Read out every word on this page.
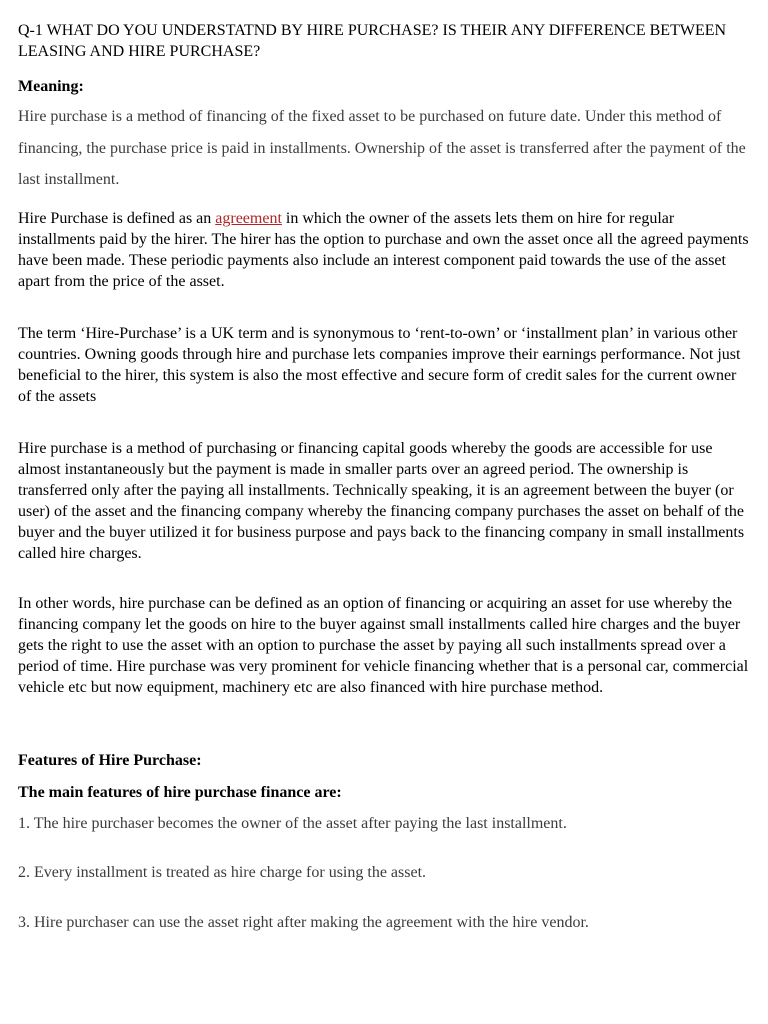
Q-1 WHAT DO YOU UNDERSTATND BY HIRE PURCHASE? IS THEIR ANY DIFFERENCE BETWEEN LEASING AND HIRE PURCHASE?
Meaning:
Hire purchase is a method of financing of the fixed asset to be purchased on future date. Under this method of financing, the purchase price is paid in installments. Ownership of the asset is transferred after the payment of the last installment.
Hire Purchase is defined as an agreement in which the owner of the assets lets them on hire for regular installments paid by the hirer. The hirer has the option to purchase and own the asset once all the agreed payments have been made. These periodic payments also include an interest component paid towards the use of the asset apart from the price of the asset.
The term ‘Hire-Purchase’ is a UK term and is synonymous to ‘rent-to-own’ or ‘installment plan’ in various other countries. Owning goods through hire and purchase lets companies improve their earnings performance. Not just beneficial to the hirer, this system is also the most effective and secure form of credit sales for the current owner of the assets
Hire purchase is a method of purchasing or financing capital goods whereby the goods are accessible for use almost instantaneously but the payment is made in smaller parts over an agreed period. The ownership is transferred only after the paying all installments. Technically speaking, it is an agreement between the buyer (or user) of the asset and the financing company whereby the financing company purchases the asset on behalf of the buyer and the buyer utilized it for business purpose and pays back to the financing company in small installments called hire charges.
In other words, hire purchase can be defined as an option of financing or acquiring an asset for use whereby the financing company let the goods on hire to the buyer against small installments called hire charges and the buyer gets the right to use the asset with an option to purchase the asset by paying all such installments spread over a period of time. Hire purchase was very prominent for vehicle financing whether that is a personal car, commercial vehicle etc but now equipment, machinery etc are also financed with hire purchase method.
Features of Hire Purchase:
The main features of hire purchase finance are:
1. The hire purchaser becomes the owner of the asset after paying the last installment.
2. Every installment is treated as hire charge for using the asset.
3. Hire purchaser can use the asset right after making the agreement with the hire vendor.
